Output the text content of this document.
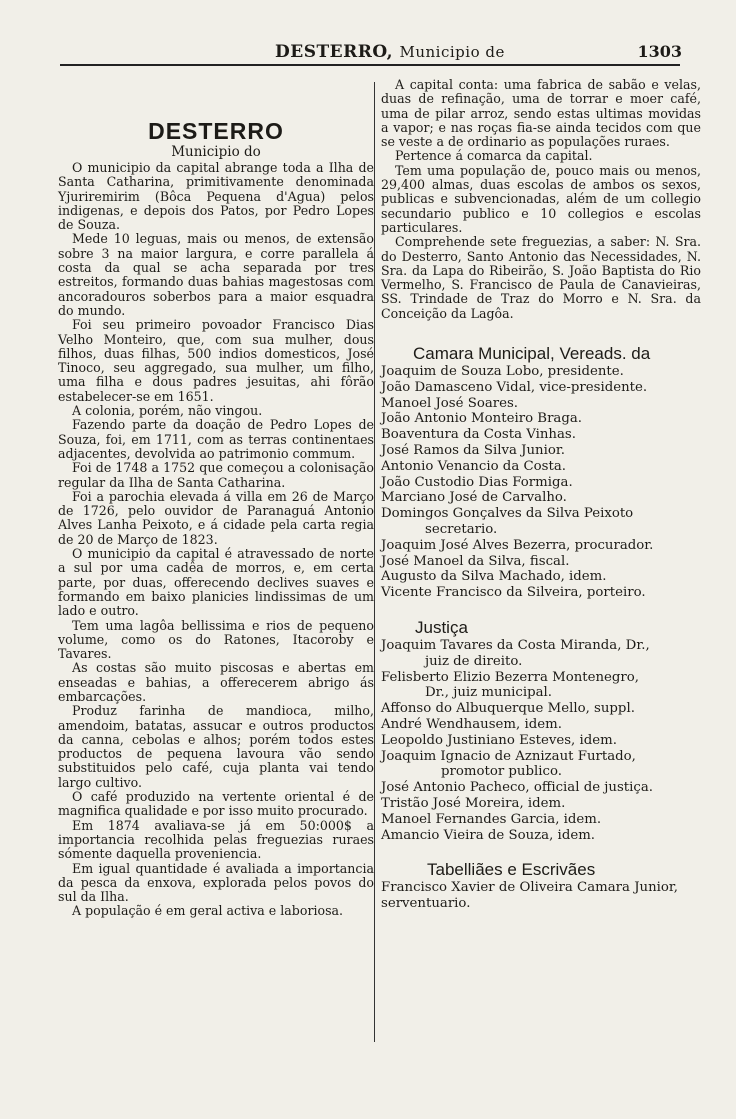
DESTERRO, Municipio de	1303
DESTERRO
Municipio do

O municipio da capital abrange toda a Ilha de Santa Catharina, primitivamente denominada Yjuriremirim (Bôca Pequena d'Agua) pelos indigenas, e depois dos Patos, por Pedro Lopes de Souza.

Mede 10 leguas, mais ou menos, de extensão sobre 3 na maior largura, e corre parallela á costa da qual se acha separada por tres estreitos, formando duas bahias magestosas com ancoradouros soberbos para a maior esquadra do mundo.

Foi seu primeiro povoador Francisco Dias Velho Monteiro, que, com sua mulher, dous filhos, duas filhas, 500 indios domesticos, José Tinoco, seu aggregado, sua mulher, um filho, uma filha e dous padres jesuitas, ahi fôrão estabelecer-se em 1651.

A colonia, porém, não vingou.

Fazendo parte da doação de Pedro Lopes de Souza, foi, em 1711, com as terras continentaes adjacentes, devolvida ao patrimonio commum.

Foi de 1748 a 1752 que começou a colonisação regular da Ilha de Santa Catharina.

Foi a parochia elevada á villa em 26 de Março de 1726, pelo ouvidor de Paranaguá Antonio Alves Lanha Peixoto, e á cidade pela carta regia de 20 de Março de 1823.

O municipio da capital é atravessado de norte a sul por uma cadêa de morros, e, em certa parte, por duas, offerecendo declives suaves e formando em baixo planicies lindissimas de um lado e outro.

Tem uma lagôa bellissima e rios de pequeno volume, como os do Ratones, Itacoroby e Tavares.

As costas são muito piscosas e abertas em enseadas e bahias, a offerecerem abrigo ás embarcações.

Produz farinha de mandioca, milho, amendoim, batatas, assucar e outros productos da canna, cebolas e alhos; porém todos estes productos de pequena lavoura vão sendo substituidos pelo café, cuja planta vai tendo largo cultivo.

O café produzido na vertente oriental é de magnifica qualidade e por isso muito procurado.

Em 1874 avaliava-se já em 50:000$ a importancia recolhida pelas freguezias ruraes sómente daquella proveniencia.

Em igual quantidade é avaliada a importancia da pesca da enxova, explorada pelos povos do sul da Ilha.

A população é em geral activa e laboriosa.

A capital conta: uma fabrica de sabão e velas, duas de refinação, uma de torrar e moer café, uma de pilar arroz, sendo estas ultimas movidas a vapor; e nas roças fia-se ainda tecidos com que se veste a de ordinario as populações ruraes.

Pertence á comarca da capital.

Tem uma população de, pouco mais ou menos, 29,400 almas, duas escolas de ambos os sexos, publicas e subvencionadas, além de um collegio secundario publico e 10 collegios e escolas particulares.

Comprehende sete freguezias, a saber: N. Sra. do Desterro, Santo Antonio das Necessidades, N. Sra. da Lapa do Ribeirão, S. João Baptista do Rio Vermelho, S. Francisco de Paula de Canavieiras, SS. Trindade de Traz do Morro e N. Sra. da Conceição da Lagôa.

Camara Municipal, Vereads. da

Joaquim de Souza Lobo, presidente.

João Damasceno Vidal, vice-presidente.

Manoel José Soares.

João Antonio Monteiro Braga.

Boaventura da Costa Vinhas.

José Ramos da Silva Junior.

Antonio Venancio da Costa.

João Custodio Dias Formiga.

Marciano José de Carvalho.

Domingos Gonçalves da Silva Peixoto

secretario.

Joaquim José Alves Bezerra, procurador.

José Manoel da Silva, fiscal.

Augusto da Silva Machado, idem.

Vicente Francisco da Silveira, porteiro.

Justiça

Joaquim Tavares da Costa Miranda, Dr.,

juiz de direito.

Felisberto Elizio Bezerra Montenegro,

Dr., juiz municipal.

Affonso do Albuquerque Mello, suppl.

André Wendhausem, idem.

Leopoldo Justiniano Esteves, idem.

Joaquim Ignacio de Aznizaut Furtado,

promotor publico.

José Antonio Pacheco, official de justiça.

Tristão José Moreira, idem.

Manoel Fernandes Garcia, idem.

Amancio Vieira de Souza, idem.

Tabelliães e Escrivães

Francisco Xavier de Oliveira Camara Junior, serventuario.
